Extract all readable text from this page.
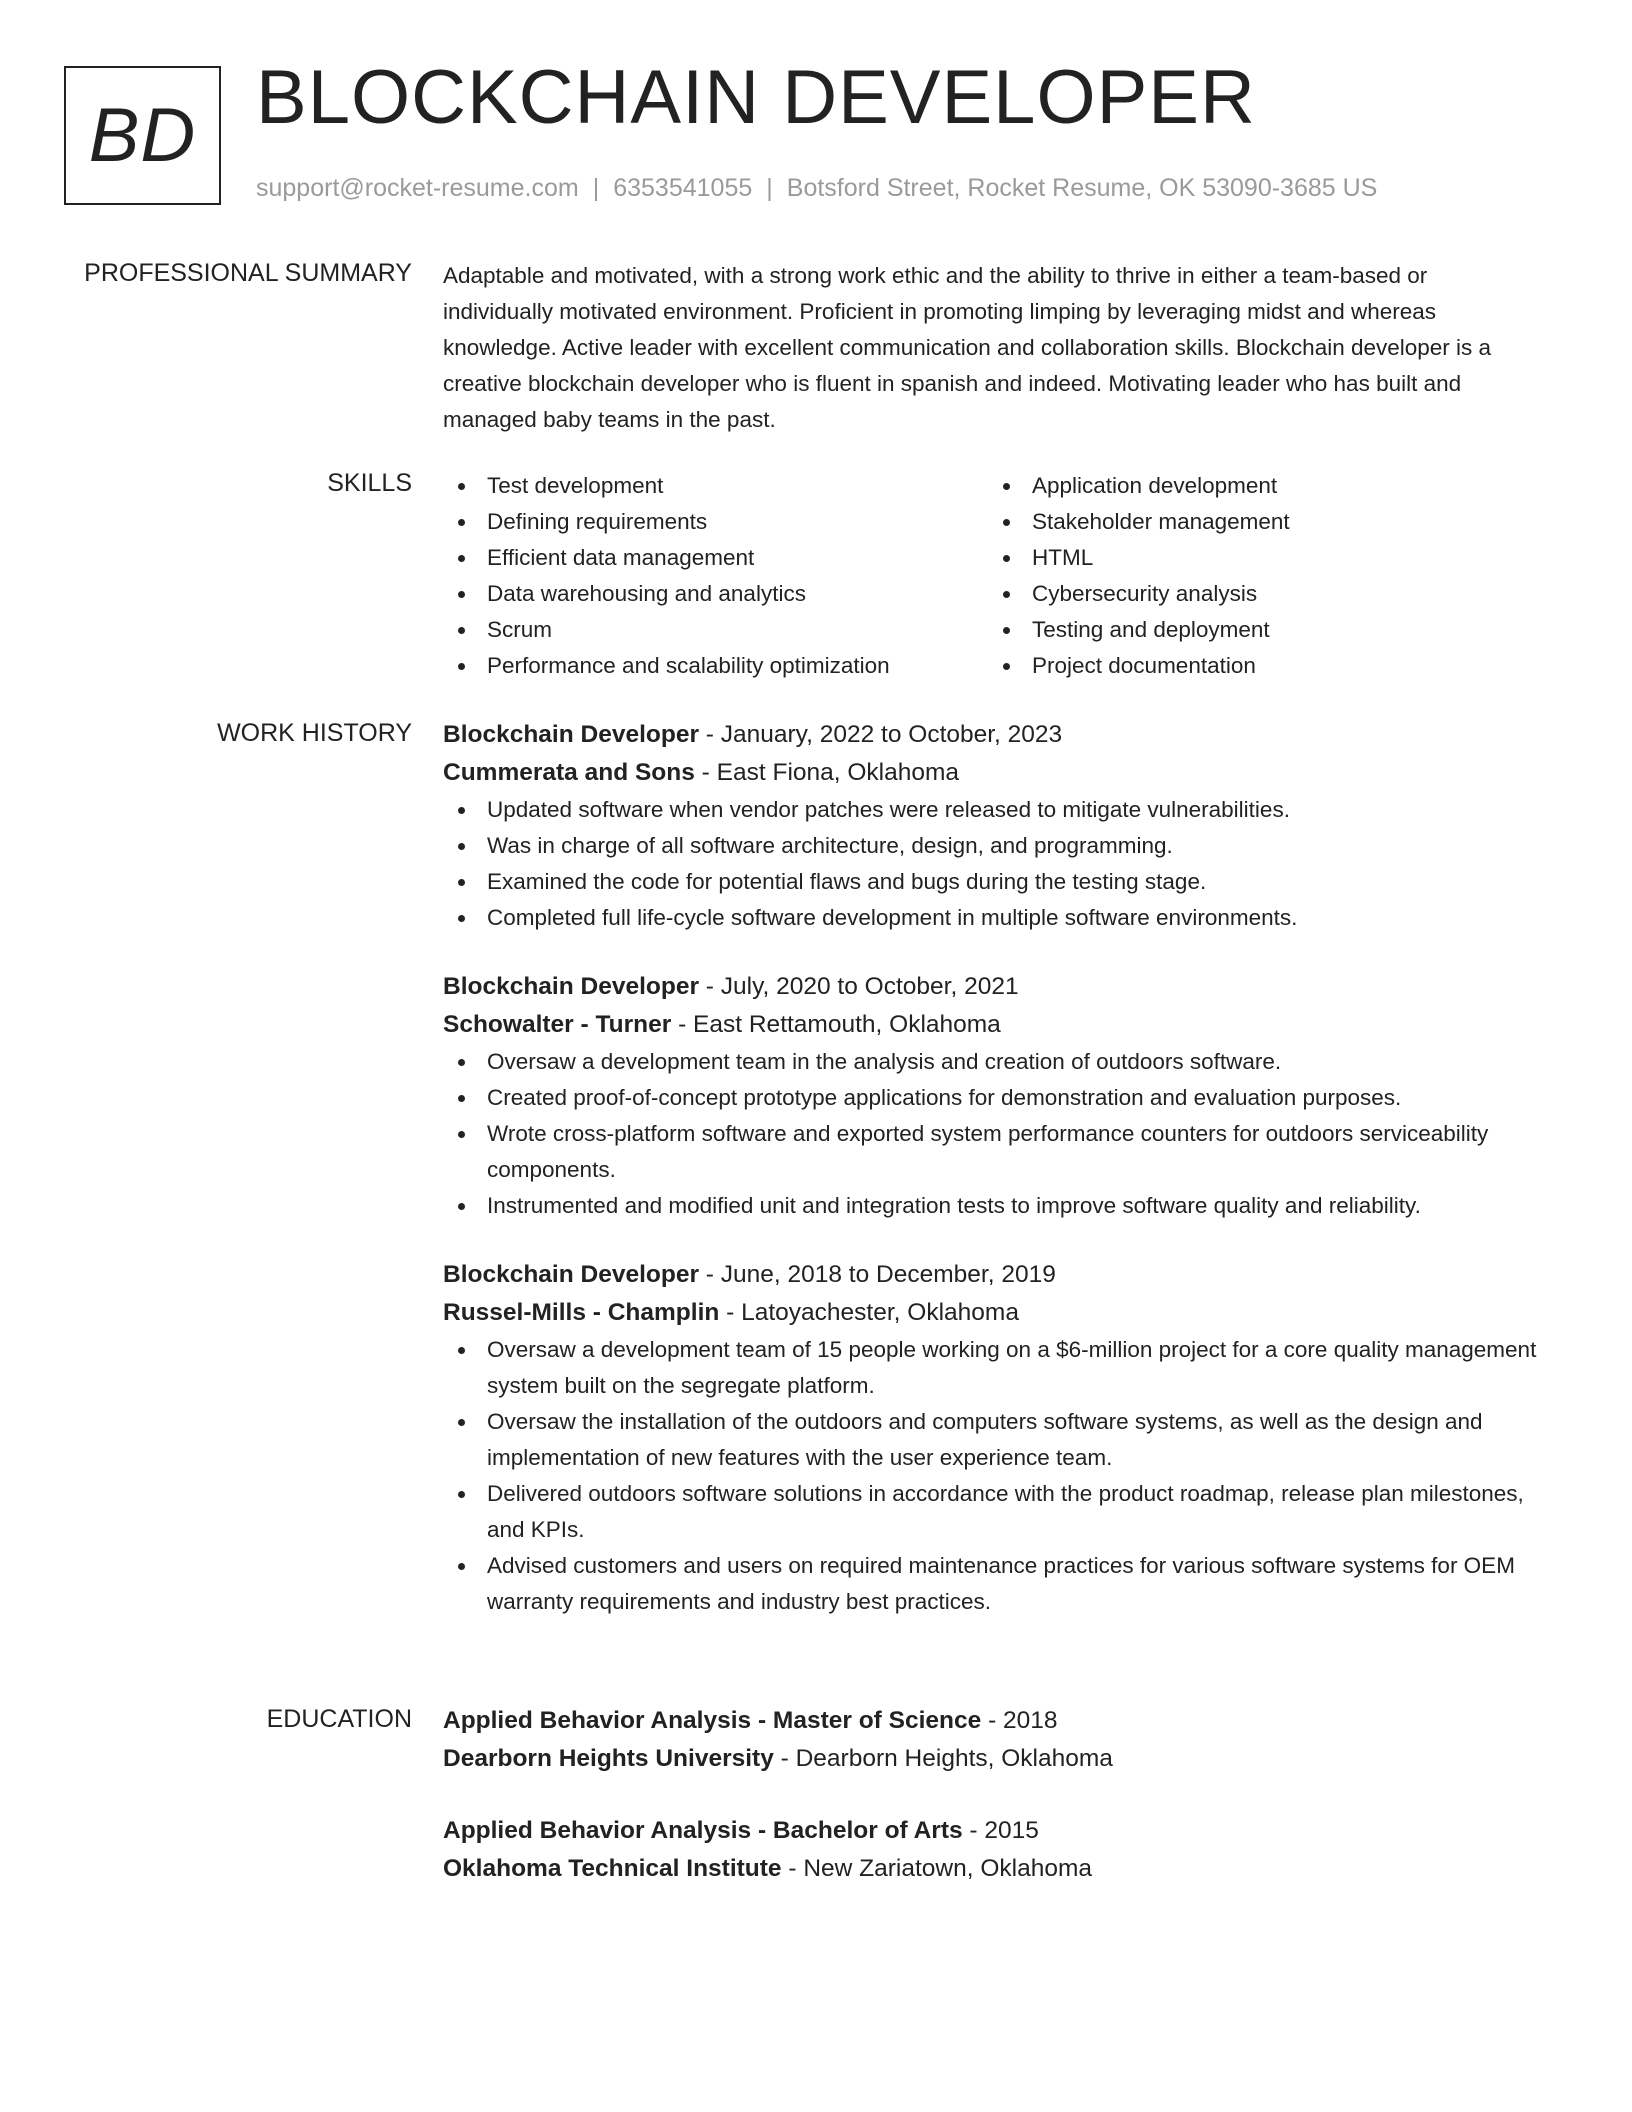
BD BLOCKCHAIN DEVELOPER
support@rocket-resume.com | 6353541055 | Botsford Street, Rocket Resume, OK 53090-3685 US
PROFESSIONAL SUMMARY Adaptable and motivated, with a strong work ethic and the ability to thrive in either a team-based or individually motivated environment. Proficient in promoting limping by leveraging midst and whereas knowledge. Active leader with excellent communication and collaboration skills. Blockchain developer is a creative blockchain developer who is fluent in spanish and indeed. Motivating leader who has built and managed baby teams in the past.

SKILLS	Test development
Defining requirements
Efficient data management
Data warehousing and analytics
Scrum
Performance and scalability optimization
Application development
Stakeholder management
HTML
Cybersecurity analysis
Testing and deployment
Project documentation
WORK HISTORY Blockchain Developer - January, 2022 to October, 2023
Cummerata and Sons - East Fiona, Oklahoma
Updated software when vendor patches were released to mitigate vulnerabilities.
Was in charge of all software architecture, design, and programming.
Examined the code for potential flaws and bugs during the testing stage.
Completed full life-cycle software development in multiple software environments.
Blockchain Developer - July, 2020 to October, 2021
Schowalter - Turner - East Rettamouth, Oklahoma
Oversaw a development team in the analysis and creation of outdoors software.
Created proof-of-concept prototype applications for demonstration and evaluation purposes.
Wrote cross-platform software and exported system performance counters for outdoors serviceability components.
Instrumented and modified unit and integration tests to improve software quality and reliability.
Blockchain Developer - June, 2018 to December, 2019
Russel-Mills - Champlin - Latoyachester, Oklahoma
Oversaw a development team of 15 people working on a $6-million project for a core quality management system built on the segregate platform.
Oversaw the installation of the outdoors and computers software systems, as well as the design and implementation of new features with the user experience team.
Delivered outdoors software solutions in accordance with the product roadmap, release plan milestones, and KPIs.
Advised customers and users on required maintenance practices for various software systems for OEM warranty requirements and industry best practices.
EDUCATION Applied Behavior Analysis - Master of Science - 2018
Dearborn Heights University - Dearborn Heights, Oklahoma
Applied Behavior Analysis - Bachelor of Arts - 2015
Oklahoma Technical Institute - New Zariatown, Oklahoma
